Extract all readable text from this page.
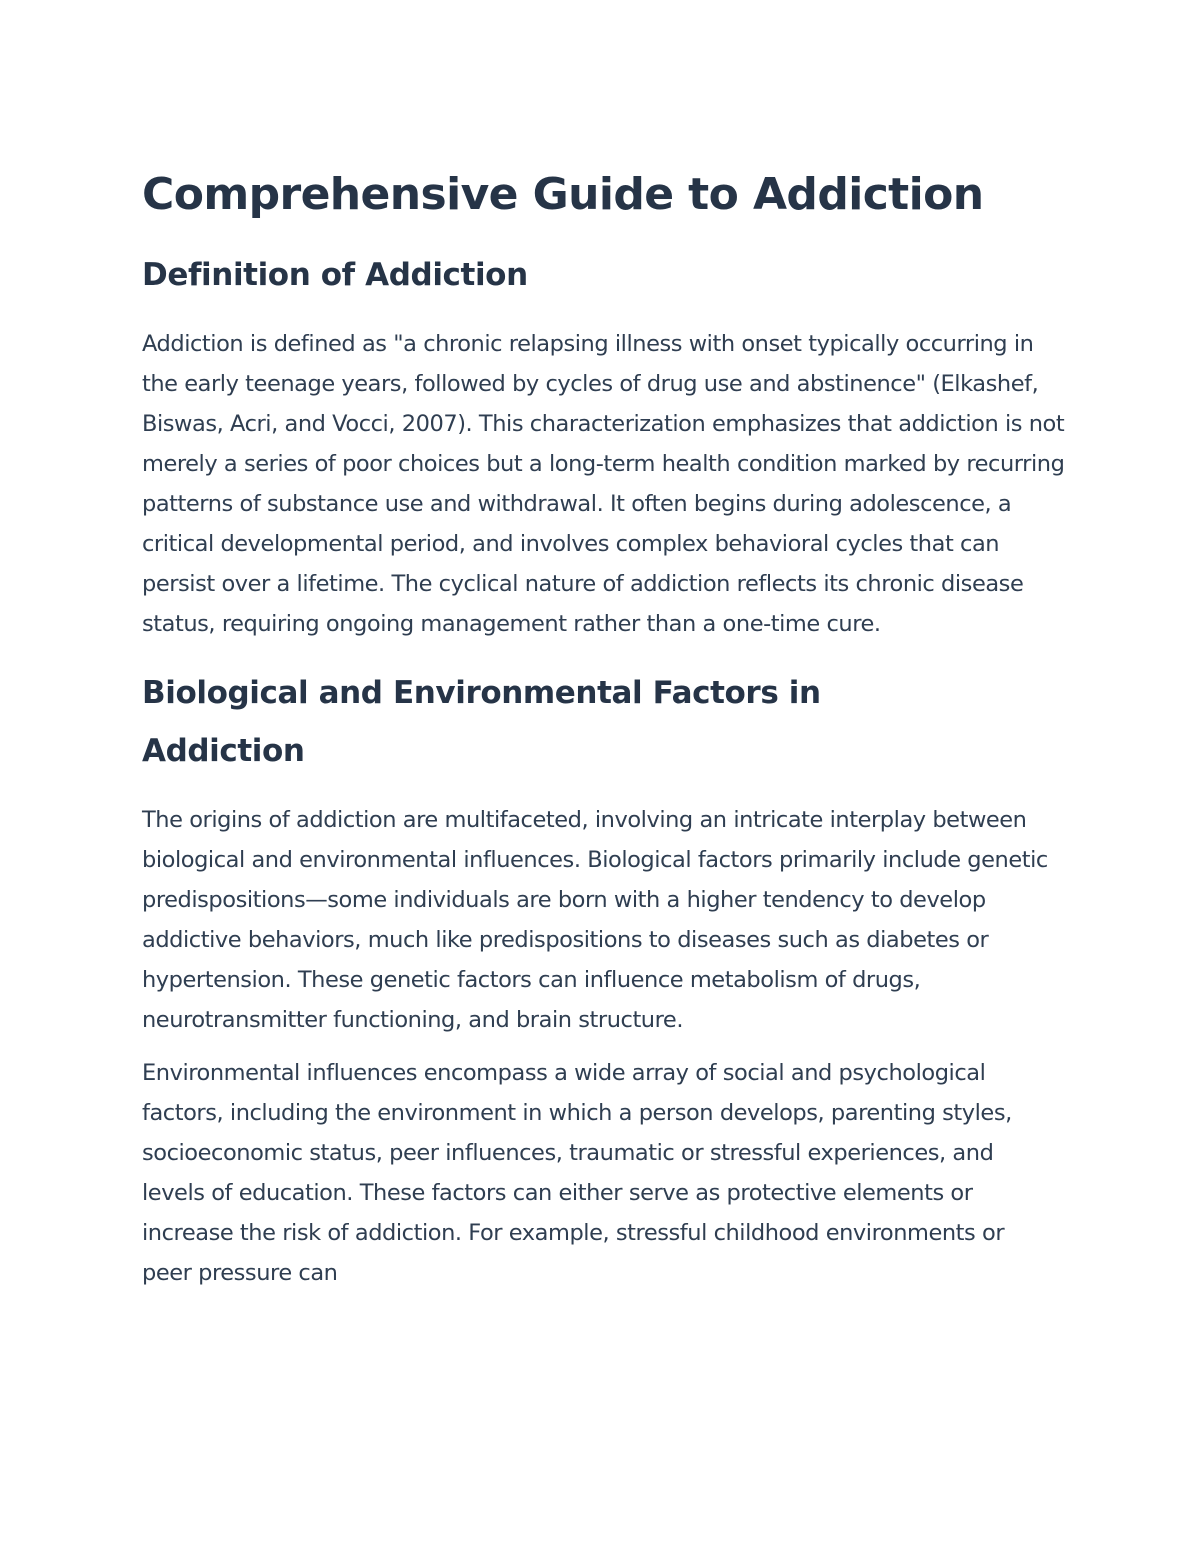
Comprehensive Guide to Addiction
Definition of Addiction

Addiction is defined as "a chronic relapsing illness with onset typically occurring in the early teenage years, followed by cycles of drug use and abstinence" (Elkashef, Biswas, Acri, and Vocci, 2007). This characterization emphasizes that addiction is not merely a series of poor choices but a long-term health condition marked by recurring patterns of substance use and withdrawal. It often begins during adolescence, a critical developmental period, and involves complex behavioral cycles that can persist over a lifetime. The cyclical nature of addiction reflects its chronic disease status, requiring ongoing management rather than a one-time cure.

Biological and Environmental Factors in Addiction

The origins of addiction are multifaceted, involving an intricate interplay between biological and environmental influences. Biological factors primarily include genetic predispositions—some individuals are born with a higher tendency to develop addictive behaviors, much like predispositions to diseases such as diabetes or hypertension. These genetic factors can influence metabolism of drugs, neurotransmitter functioning, and brain structure.

Environmental influences encompass a wide array of social and psychological factors, including the environment in which a person develops, parenting styles, socioeconomic status, peer influences, traumatic or stressful experiences, and levels of education. These factors can either serve as protective elements or increase the risk of addiction. For example, stressful childhood environments or peer pressure can
